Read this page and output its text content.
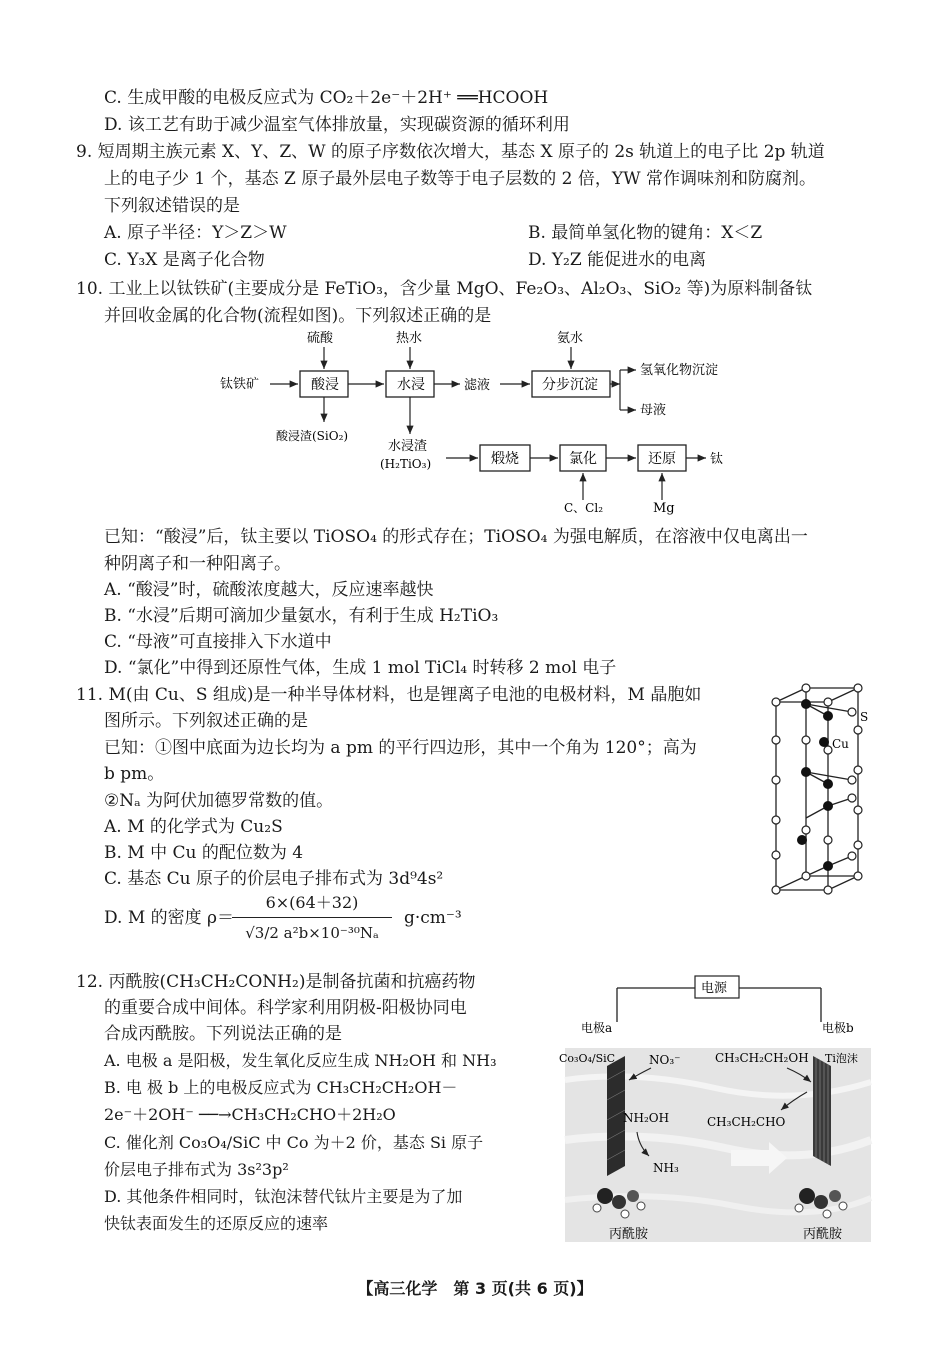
C. 生成甲酸的电极反应式为 CO₂＋2e⁻＋2H⁺ ══HCOOH
D. 该工艺有助于减少温室气体排放量，实现碳资源的循环利用
9. 短周期主族元素 X、Y、Z、W 的原子序数依次增大，基态 X 原子的 2s 轨道上的电子比 2p 轨道
上的电子少 1 个，基态 Z 原子最外层电子数等于电子层数的 2 倍，YW 常作调味剂和防腐剂。
下列叙述错误的是
A. 原子半径：Y＞Z＞W	B. 最简单氢化物的键角：X＜Z
C. Y₃X 是离子化合物	D. Y₂Z 能促进水的电离
10. 工业上以钛铁矿(主要成分是 FeTiO₃，含少量 MgO、Fe₂O₃、Al₂O₃、SiO₂ 等)为原料制备钛
并回收金属的化合物(流程如图)。下列叙述正确的是
钛铁矿	酸浸
硫酸
酸浸渣(SiO₂)
水浸
热水
水浸渣
(H₂TiO₃)
滤液	分步沉淀
氨水
氢氧化物沉淀
母液
煅烧	氯化
C、Cl₂
还原
Mg
钛
已知：“酸浸”后，钛主要以 TiOSO₄ 的形式存在；TiOSO₄ 为强电解质，在溶液中仅电离出一
种阴离子和一种阳离子。
A. “酸浸”时，硫酸浓度越大，反应速率越快
B. “水浸”后期可滴加少量氨水，有利于生成 H₂TiO₃
C. “母液”可直接排入下水道中
D. “氯化”中得到还原性气体，生成 1 mol TiCl₄ 时转移 2 mol 电子
11. M(由 Cu、S 组成)是一种半导体材料，也是锂离子电池的电极材料，M 晶胞如
图所示。下列叙述正确的是
已知：①图中底面为边长均为 a pm 的平行四边形，其中一个角为 120°；高为
b pm。
②Nₐ 为阿伏加德罗常数的值。
A. M 的化学式为 Cu₂S
B. M 中 Cu 的配位数为 4
C. 基态 Cu 原子的价层电子排布式为 3d⁹4s²
D. M 的密度 ρ＝
6×(64＋32)
√3/2 a²b×10⁻³⁰Nₐ
g·cm⁻³
S
Cu
12. 丙酰胺(CH₃CH₂CONH₂)是制备抗菌和抗癌药物
的重要合成中间体。科学家利用阴极-阳极协同电
合成丙酰胺。下列说法正确的是
A. 电极 a 是阳极，发生氧化反应生成 NH₂OH 和 NH₃
B. 电 极 b 上的电极反应式为 CH₃CH₂CH₂OH－
2e⁻＋2OH⁻ ──→CH₃CH₂CHO＋2H₂O
C. 催化剂 Co₃O₄/SiC 中 Co 为＋2 价，基态 Si 原子
价层电子排布式为 3s²3p²
D. 其他条件相同时，钛泡沫替代钛片主要是为了加
快钛表面发生的还原反应的速率
电源
电极a	电极b
Co₃O₄/SiC	Ti泡沫
NO₃⁻	CH₃CH₂CH₂OH
NH₂OH	CH₃CH₂CHO
NH₃
丙酰胺	丙酰胺
【高三化学　第 3 页(共 6 页)】
